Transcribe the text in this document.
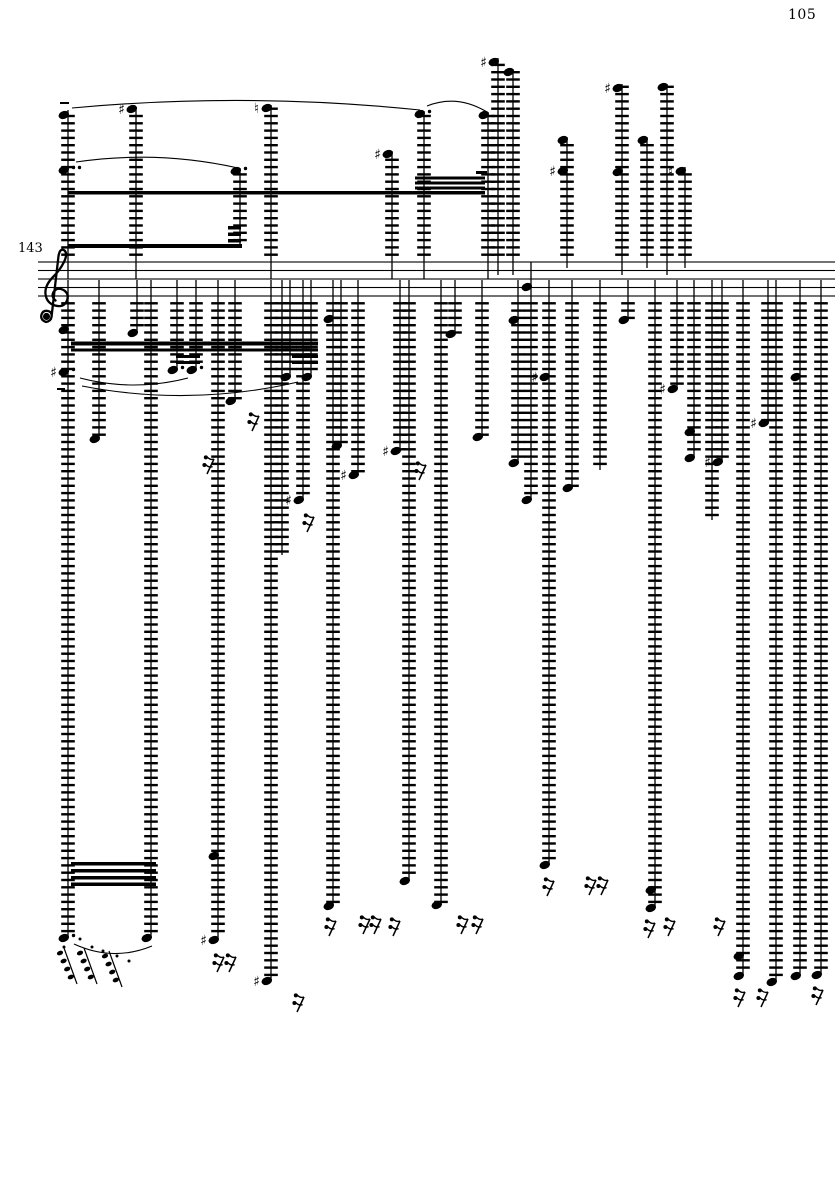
105
143
♯	♮
♯
♯
♯
♯
♮
♯
♯
♯
♯
♯
♯
♯
♯
♯
♯
